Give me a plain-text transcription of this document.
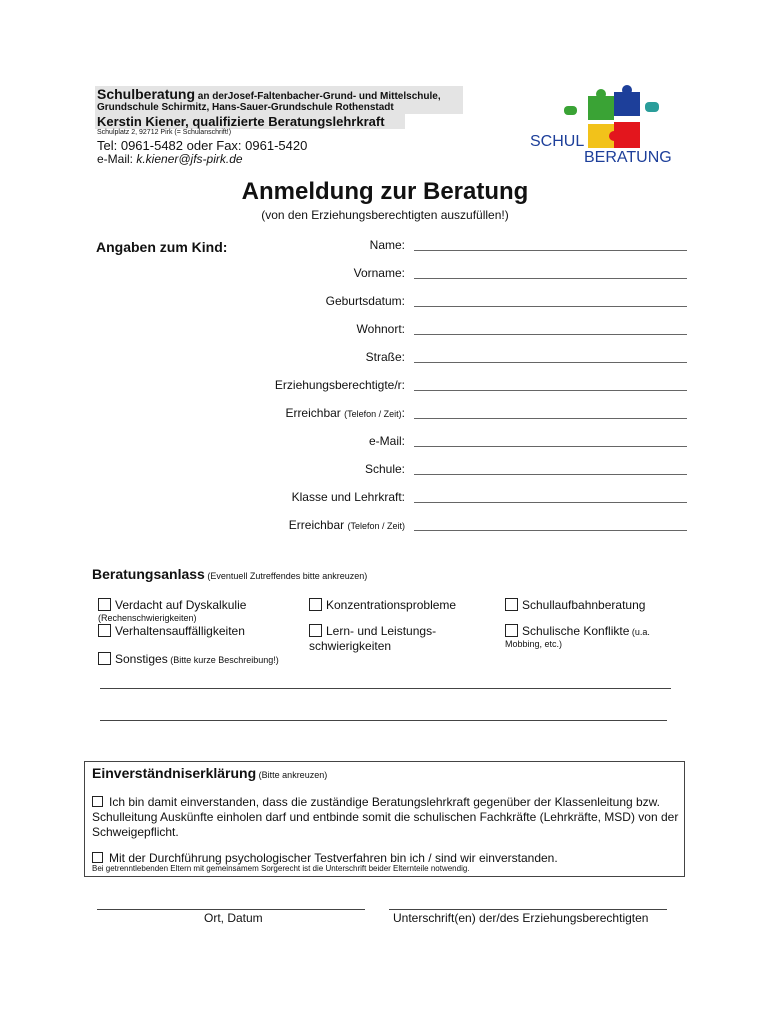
Schulberatung an derJosef-Faltenbacher-Grund- und Mittelschule,
Grundschule Schirmitz, Hans-Sauer-Grundschule Rothenstadt
Kerstin Kiener, qualifizierte Beratungslehrkraft
Schulplatz 2, 92712 Pirk (= Schulanschrift!)
Tel: 0961-5482 oder Fax: 0961-5420
e-Mail: k.kiener@jfs-pirk.de
SCHUL
BERATUNG
Anmeldung zur Beratung
(von den Erziehungsberechtigten auszufüllen!)
Angaben zum Kind:	Name:
Vorname:
Geburtsdatum:
Wohnort:
Straße:
Erziehungsberechtigte/r:
Erreichbar (Telefon / Zeit):
e-Mail:
Schule:
Klasse und Lehrkraft:
Erreichbar (Telefon / Zeit)
Beratungsanlass (Eventuell Zutreffendes bitte ankreuzen)
Verdacht auf Dyskalkulie
(Rechenschwierigkeiten)
Konzentrationsprobleme	Schullaufbahnberatung
Verhaltensauffälligkeiten	Lern- und Leistungs-
schwierigkeiten
Schulische Konflikte (u.a.
Mobbing, etc.)
Sonstiges (Bitte kurze Beschreibung!)
Einverständniserklärung (Bitte ankreuzen)
Ich bin damit einverstanden, dass die zuständige Beratungslehrkraft gegenüber der Klassenleitung bzw. Schulleitung Auskünfte einholen darf und entbinde somit die schulischen Fachkräfte (Lehrkräfte, MSD) von der Schweigepflicht.
Mit der Durchführung psychologischer Testverfahren bin ich / sind wir einverstanden.
Bei getrenntlebenden Eltern mit gemeinsamem Sorgerecht ist die Unterschrift beider Elternteile notwendig.
Ort, Datum	Unterschrift(en) der/des Erziehungsberechtigten
